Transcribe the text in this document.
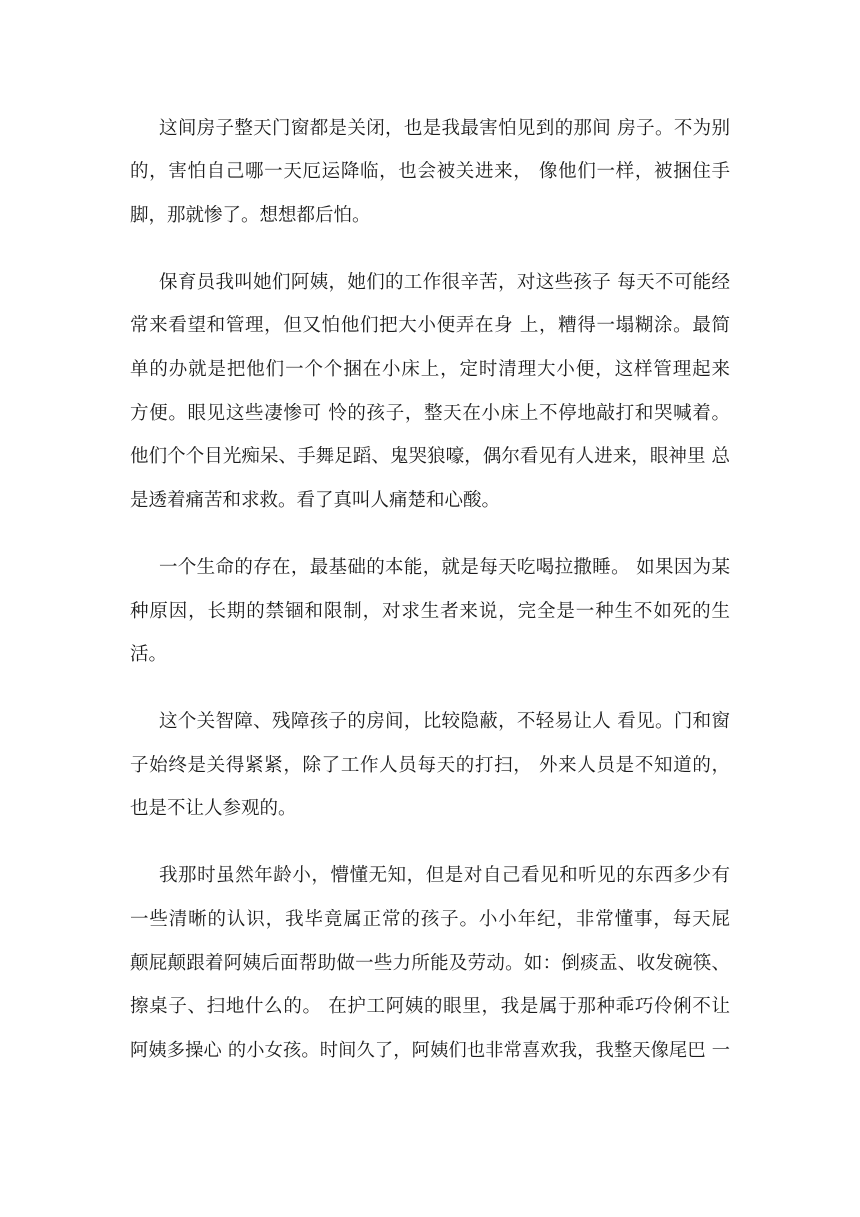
这间房子整天门窗都是关闭，也是我最害怕见到的那间 房子。不为别
的，害怕自己哪一天厄运降临，也会被关进来， 像他们一样，被捆住手
脚，那就惨了。想想都后怕。
保育员我叫她们阿姨，她们的工作很辛苦，对这些孩子 每天不可能经
常来看望和管理，但又怕他们把大小便弄在身 上，糟得一塌糊涂。最简
单的办就是把他们一个个捆在小床上，定时清理大小便，这样管理起来
方便。眼见这些凄惨可 怜的孩子，整天在小床上不停地敲打和哭喊着。
他们个个目光痴呆、手舞足蹈、鬼哭狼嚎，偶尔看见有人进来，眼神里 总
是透着痛苦和求救。看了真叫人痛楚和心酸。
一个生命的存在，最基础的本能，就是每天吃喝拉撒睡。 如果因为某
种原因，长期的禁锢和限制，对求生者来说，完全是一种生不如死的生
活。
这个关智障、残障孩子的房间，比较隐蔽，不轻易让人 看见。门和窗
子始终是关得紧紧，除了工作人员每天的打扫， 外来人员是不知道的，
也是不让人参观的。
我那时虽然年龄小，懵懂无知，但是对自己看见和听见的东西多少有
一些清晰的认识，我毕竟属正常的孩子。小小年纪，非常懂事，每天屁
颠屁颠跟着阿姨后面帮助做一些力所能及劳动。如：倒痰盂、收发碗筷、
擦桌子、扫地什么的。 在护工阿姨的眼里，我是属于那种乖巧伶俐不让
阿姨多操心 的小女孩。时间久了，阿姨们也非常喜欢我，我整天像尾巴 一
